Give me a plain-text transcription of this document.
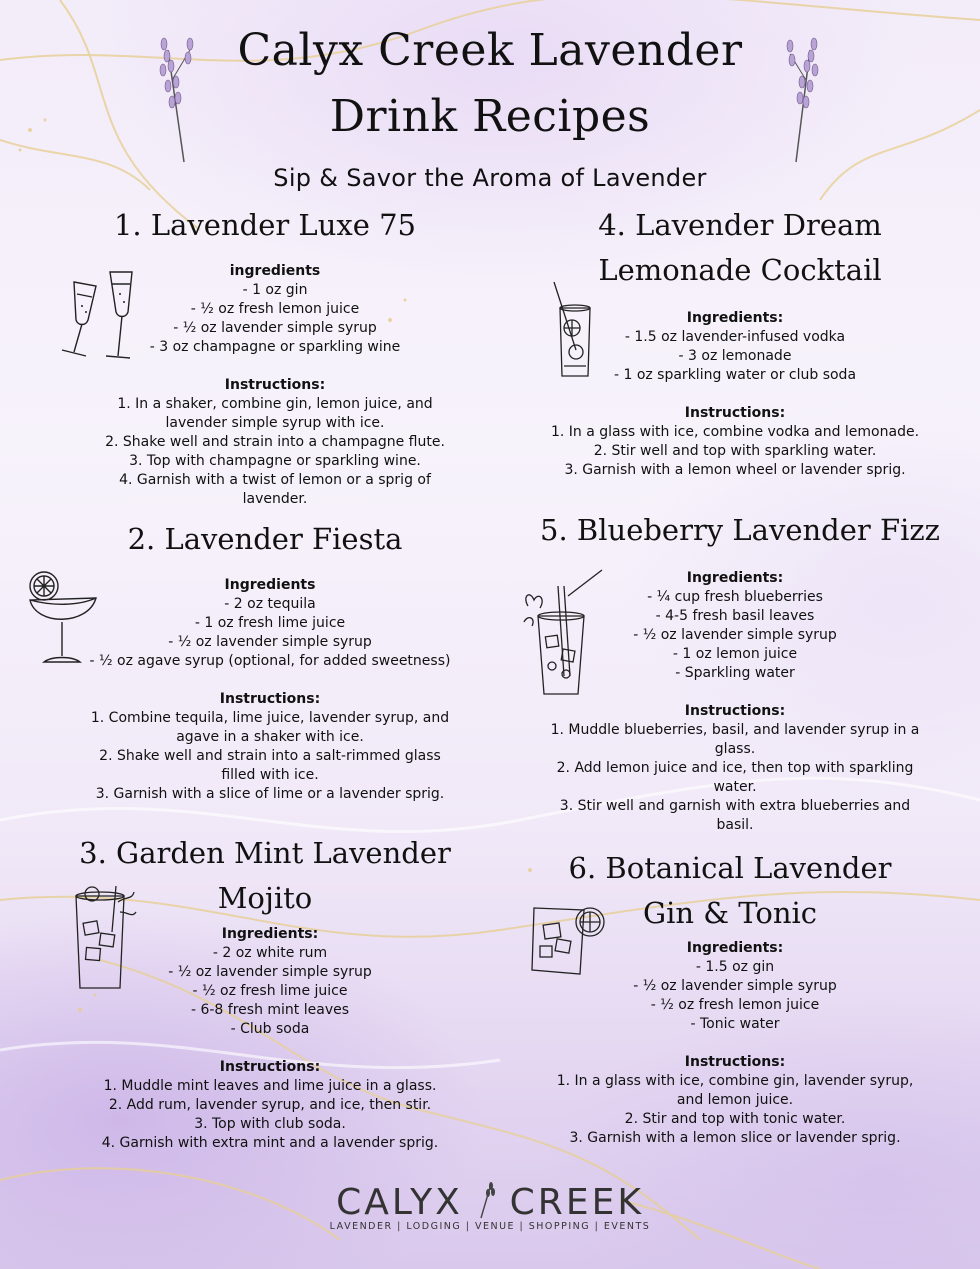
Calyx Creek Lavender
Drink Recipes
Sip & Savor the Aroma of Lavender
1. Lavender Luxe 75
ingredients
- 1 oz gin
- ½ oz fresh lemon juice
- ½ oz lavender simple syrup
- 3 oz champagne or sparkling wine
Instructions:
1. In a shaker, combine gin, lemon juice, and
lavender simple syrup with ice.
2. Shake well and strain into a champagne flute.
3. Top with champagne or sparkling wine.
4. Garnish with a twist of lemon or a sprig of
lavender.
2. Lavender Fiesta
Ingredients
- 2 oz tequila
- 1 oz fresh lime juice
- ½ oz lavender simple syrup
- ½ oz agave syrup (optional, for added sweetness)
Instructions:
1. Combine tequila, lime juice, lavender syrup, and
agave in a shaker with ice.
2. Shake well and strain into a salt-rimmed glass
filled with ice.
3. Garnish with a slice of lime or a lavender sprig.
3. Garden Mint Lavender
Mojito
Ingredients:
- 2 oz white rum
- ½ oz lavender simple syrup
- ½ oz fresh lime juice
- 6-8 fresh mint leaves
- Club soda
Instructions:
1. Muddle mint leaves and lime juice in a glass.
2. Add rum, lavender syrup, and ice, then stir.
3. Top with club soda.
4. Garnish with extra mint and a lavender sprig.
4. Lavender Dream
Lemonade Cocktail
Ingredients:
- 1.5 oz lavender-infused vodka
- 3 oz lemonade
- 1 oz sparkling water or club soda
Instructions:
1. In a glass with ice, combine vodka and lemonade.
2. Stir well and top with sparkling water.
3. Garnish with a lemon wheel or lavender sprig.
5. Blueberry Lavender Fizz
Ingredients:
- ¼ cup fresh blueberries
- 4-5 fresh basil leaves
- ½ oz lavender simple syrup
- 1 oz lemon juice
- Sparkling water
Instructions:
1. Muddle blueberries, basil, and lavender syrup in a
glass.
2. Add lemon juice and ice, then top with sparkling
water.
3. Stir well and garnish with extra blueberries and
basil.
6. Botanical Lavender
Gin & Tonic
Ingredients:
- 1.5 oz gin
- ½ oz lavender simple syrup
- ½ oz fresh lemon juice
- Tonic water
Instructions:
1. In a glass with ice, combine gin, lavender syrup,
and lemon juice.
2. Stir and top with tonic water.
3. Garnish with a lemon slice or lavender sprig.
CALYX CREEK
LAVENDER | LODGING | VENUE | SHOPPING | EVENTS
